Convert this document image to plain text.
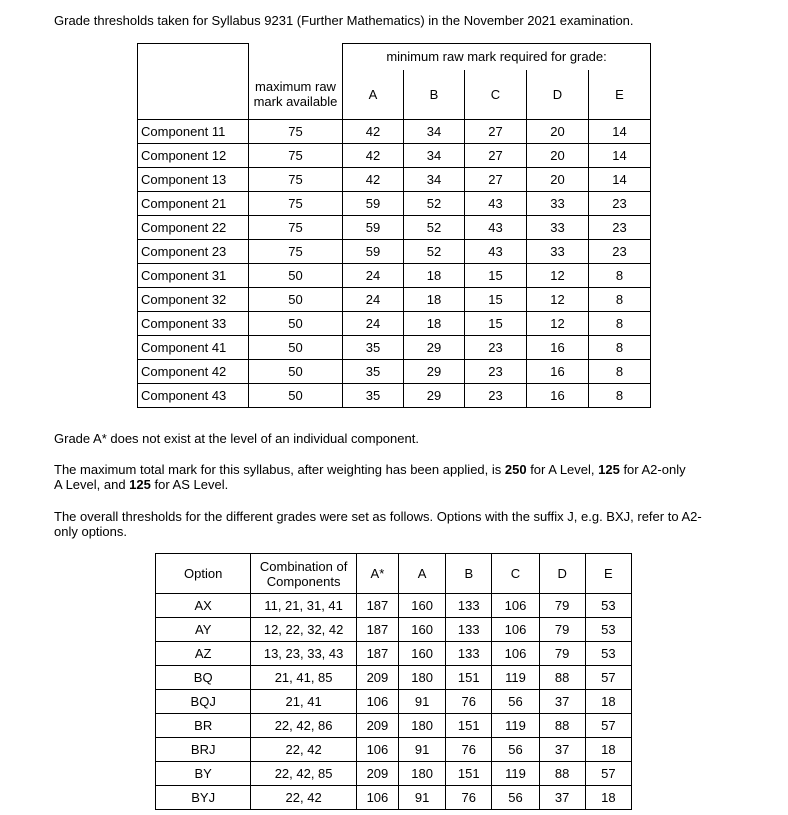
Grade thresholds taken for Syllabus 9231 (Further Mathematics) in the November 2021 examination.

		minimum raw mark required for grade:				
	maximum raw mark available	A	B	C	D	E
Component 11	75	42	34	27	20	14
Component 12	75	42	34	27	20	14
Component 13	75	42	34	27	20	14
Component 21	75	59	52	43	33	23
Component 22	75	59	52	43	33	23
Component 23	75	59	52	43	33	23
Component 31	50	24	18	15	12	8
Component 32	50	24	18	15	12	8
Component 33	50	24	18	15	12	8
Component 41	50	35	29	23	16	8
Component 42	50	35	29	23	16	8
Component 43	50	35	29	23	16	8

Grade A* does not exist at the level of an individual component.

The maximum total mark for this syllabus, after weighting has been applied, is 250 for A Level, 125 for A2-only A Level, and 125 for AS Level.

The overall thresholds for the different grades were set as follows. Options with the suffix J, e.g. BXJ, refer to A2-only options.

Option	Combination of Components	A*	A	B	C	D	E
AX	11, 21, 31, 41	187	160	133	106	79	53
AY	12, 22, 32, 42	187	160	133	106	79	53
AZ	13, 23, 33, 43	187	160	133	106	79	53
BQ	21, 41, 85	209	180	151	119	88	57
BQJ	21, 41	106	91	76	56	37	18
BR	22, 42, 86	209	180	151	119	88	57
BRJ	22, 42	106	91	76	56	37	18
BY	22, 42, 85	209	180	151	119	88	57
BYJ	22, 42	106	91	76	56	37	18
